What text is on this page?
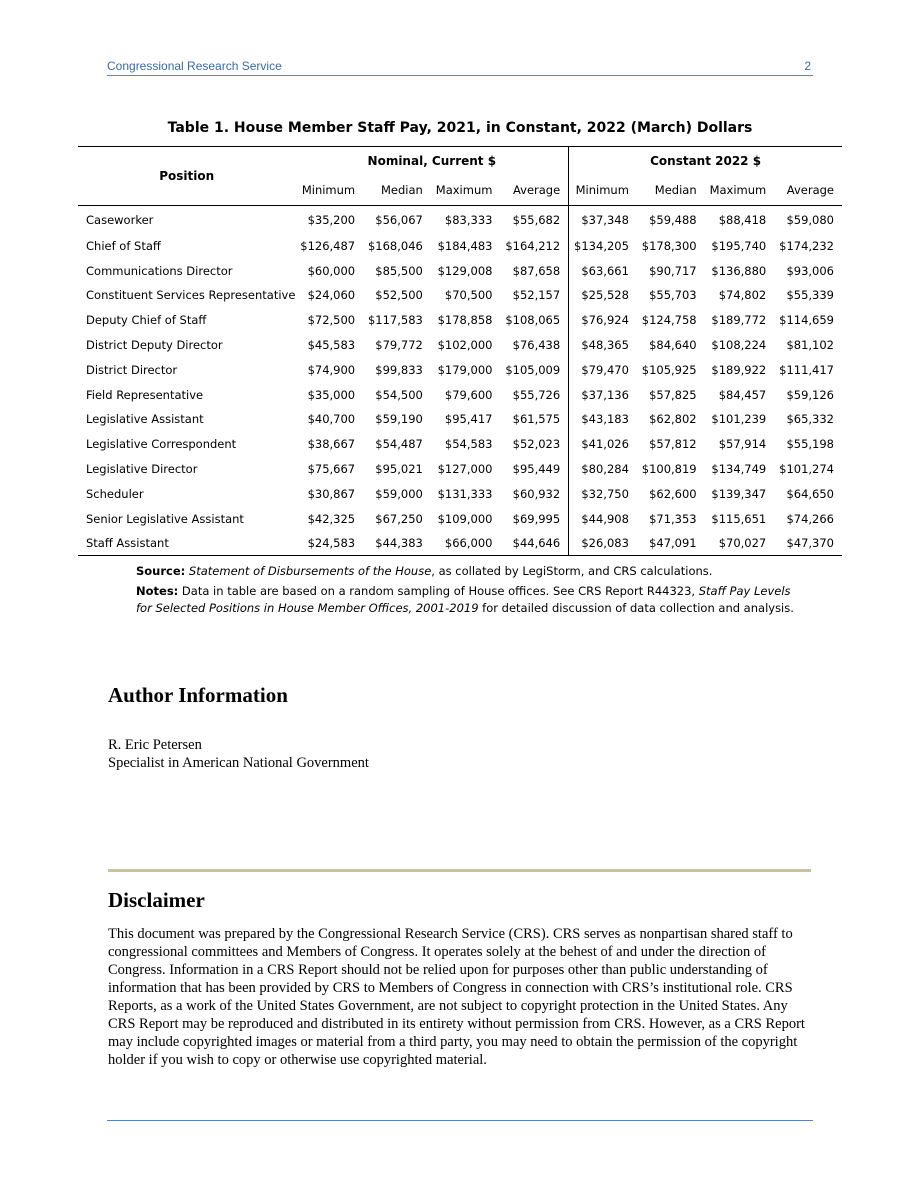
Congressional Research Service	2
Table 1. House Member Staff Pay, 2021, in Constant, 2022 (March) Dollars
Position	Nominal, Current $				Constant 2022 $			
	Minimum	Median	Maximum	Average	Minimum	Median	Maximum	Average
Caseworker	$35,200	$56,067	$83,333	$55,682	$37,348	$59,488	$88,418	$59,080
Chief of Staff	$126,487	$168,046	$184,483	$164,212	$134,205	$178,300	$195,740	$174,232
Communications Director	$60,000	$85,500	$129,008	$87,658	$63,661	$90,717	$136,880	$93,006
Constituent Services Representative	$24,060	$52,500	$70,500	$52,157	$25,528	$55,703	$74,802	$55,339
Deputy Chief of Staff	$72,500	$117,583	$178,858	$108,065	$76,924	$124,758	$189,772	$114,659
District Deputy Director	$45,583	$79,772	$102,000	$76,438	$48,365	$84,640	$108,224	$81,102
District Director	$74,900	$99,833	$179,000	$105,009	$79,470	$105,925	$189,922	$111,417
Field Representative	$35,000	$54,500	$79,600	$55,726	$37,136	$57,825	$84,457	$59,126
Legislative Assistant	$40,700	$59,190	$95,417	$61,575	$43,183	$62,802	$101,239	$65,332
Legislative Correspondent	$38,667	$54,487	$54,583	$52,023	$41,026	$57,812	$57,914	$55,198
Legislative Director	$75,667	$95,021	$127,000	$95,449	$80,284	$100,819	$134,749	$101,274
Scheduler	$30,867	$59,000	$131,333	$60,932	$32,750	$62,600	$139,347	$64,650
Senior Legislative Assistant	$42,325	$67,250	$109,000	$69,995	$44,908	$71,353	$115,651	$74,266
Staff Assistant	$24,583	$44,383	$66,000	$44,646	$26,083	$47,091	$70,027	$47,370

Source: Statement of Disbursements of the House, as collated by LegiStorm, and CRS calculations.

Notes: Data in table are based on a random sampling of House offices. See CRS Report R44323, Staff Pay Levels for Selected Positions in House Member Offices, 2001-2019 for detailed discussion of data collection and analysis.

Author Information
R. Eric Petersen
Specialist in American National Government
Disclaimer
This document was prepared by the Congressional Research Service (CRS). CRS serves as nonpartisan shared staff to congressional committees and Members of Congress. It operates solely at the behest of and under the direction of Congress. Information in a CRS Report should not be relied upon for purposes other than public understanding of information that has been provided by CRS to Members of Congress in connection with CRS’s institutional role. CRS Reports, as a work of the United States Government, are not subject to copyright protection in the United States. Any CRS Report may be reproduced and distributed in its entirety without permission from CRS. However, as a CRS Report may include copyrighted images or material from a third party, you may need to obtain the permission of the copyright holder if you wish to copy or otherwise use copyrighted material.
